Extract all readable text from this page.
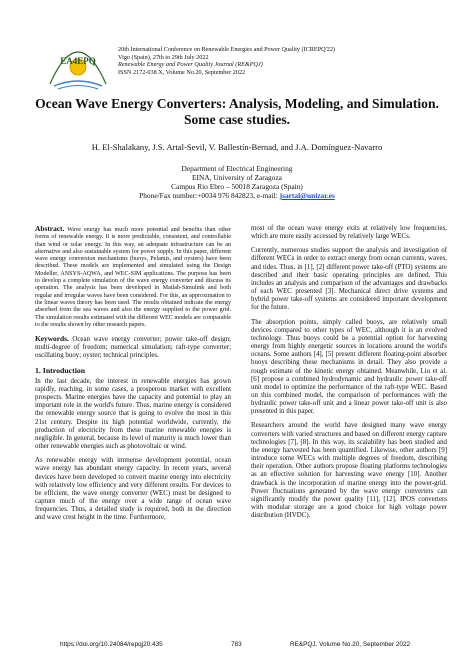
EA4EPQ
20th International Conference on Renewable Energies and Power Quality (ICREPQ'22)
Vigo (Spain), 27th to 29th July 2022
Renewable Energy and Power Quality Journal (RE&PQJ)
ISSN 2172-038 X, Volume No.20, September 2022
Ocean Wave Energy Converters: Analysis, Modeling, and Simulation.
Some case studies.
H. El-Shalakany, J.S. Artal-Sevil, V. Ballestín-Bernad, and J.A. Domínguez-Navarro
Department of Electrical Engineering
EINA, University of Zaragoza
Campus Rio Ebro – 50018 Zaragoza (Spain)
Phone/Fax number:+0034 976 842823, e-mail: jsartal@unizar.es

Abstract. Wave energy has much more potential and benefits than other forms of renewable energy. It is more predictable, consistent, and controllable than wind or solar energy. In this way, an adequate infrastructure can be an alternative and also sustainable system for power supply. In this paper, different wave energy conversion mechanisms (buoys, Pelamis, and oysters) have been described. These models are implemented and simulated using the Design Modeller, ANSYS-AQWA, and WEC-SIM applications. The purpose has been to develop a complete simulation of the wave energy converter and discuss its operation. The analysis has been developed in Matlab-Simulink and both regular and irregular waves have been considered. For this, an approximation to the linear waves theory has been used. The results obtained indicate the energy absorbed from the sea waves and also the energy supplied to the power grid. The simulation results estimated with the different WEC models are comparable to the results shown by other research papers.

Keywords. Ocean wave energy converter; power take-off design; multi-degree of freedom; numerical simulation; raft-type converter; oscillating buoy; oyster; technical principles.

1. Introduction

In the last decade, the interest in renewable energies has grown rapidly, reaching, in some cases, a prosperous market with excellent prospects. Marine energies have the capacity and potential to play an important role in the world's future. Thus, marine energy is considered the renewable energy source that is going to evolve the most in this 21st century. Despite its high potential worldwide, currently, the production of electricity from these marine renewable energies is negligible. In general, because its level of maturity is much lower than other renewable energies such as photovoltaic or wind.

As renewable energy with immense development potential, ocean wave energy has abundant energy capacity. In recent years, several devices have been developed to convert marine energy into electricity with relatively low efficiency and very different results. For devices to be efficient, the wave energy converter (WEC) must be designed to capture much of the energy over a wide range of ocean wave frequencies. Thus, a detailed study is required, both in the direction and wave crest height in the time. Furthermore,

most of the ocean wave energy exits at relatively low frequencies, which are more easily accessed by relatively large WECs.

Currently, numerous studies support the analysis and investigation of different WECs in order to extract energy from ocean currents, waves, and tides. Thus, in [1], [2] different power take-off (PTO) systems are described and their basic operating principles are defined. This includes an analysis and comparison of the advantages and drawbacks of each WEC presented [3]. Mechanical direct drive systems and hybrid power take-off systems are considered important development for the future.

The absorption points, simply called buoys, are relatively small devices compared to other types of WEC, although it is an evolved technology. Thus buoys could be a potential option for harvesting energy from highly energetic sources in locations around the world's oceans. Some authors [4], [5] present different floating-point absorber buoys describing these mechanisms in detail. They also provide a rough estimate of the kinetic energy obtained. Meanwhile, Liu et al. [6] propose a combined hydrodynamic and hydraulic power take-off unit model to optimize the performance of the raft-type WEC. Based on this combined model, the comparison of performances with the hydraulic power take-off unit and a linear power take-off unit is also presented in this paper.

Researchers around the world have designed many wave energy converters with varied structures and based on different energy capture technologies [7], [8]. In this way, its scalability has been studied and the energy harvested has been quantified. Likewise, other authors [9] introduce some WECs with multiple degrees of freedom, describing their operation. Other authors propose floating platforms technologies as an effective solution for harvesting wave energy [10]. Another drawback is the incorporation of marine energy into the power-grid. Power fluctuations generated by the wave energy converters can significantly modify the power quality [11], [12]. IPOS converters with modular storage are a good choice for high voltage power distribution (HVDC).

https://doi.org/10.24084/repqj20.435	783	RE&PQJ, Volume No.20, September 2022
